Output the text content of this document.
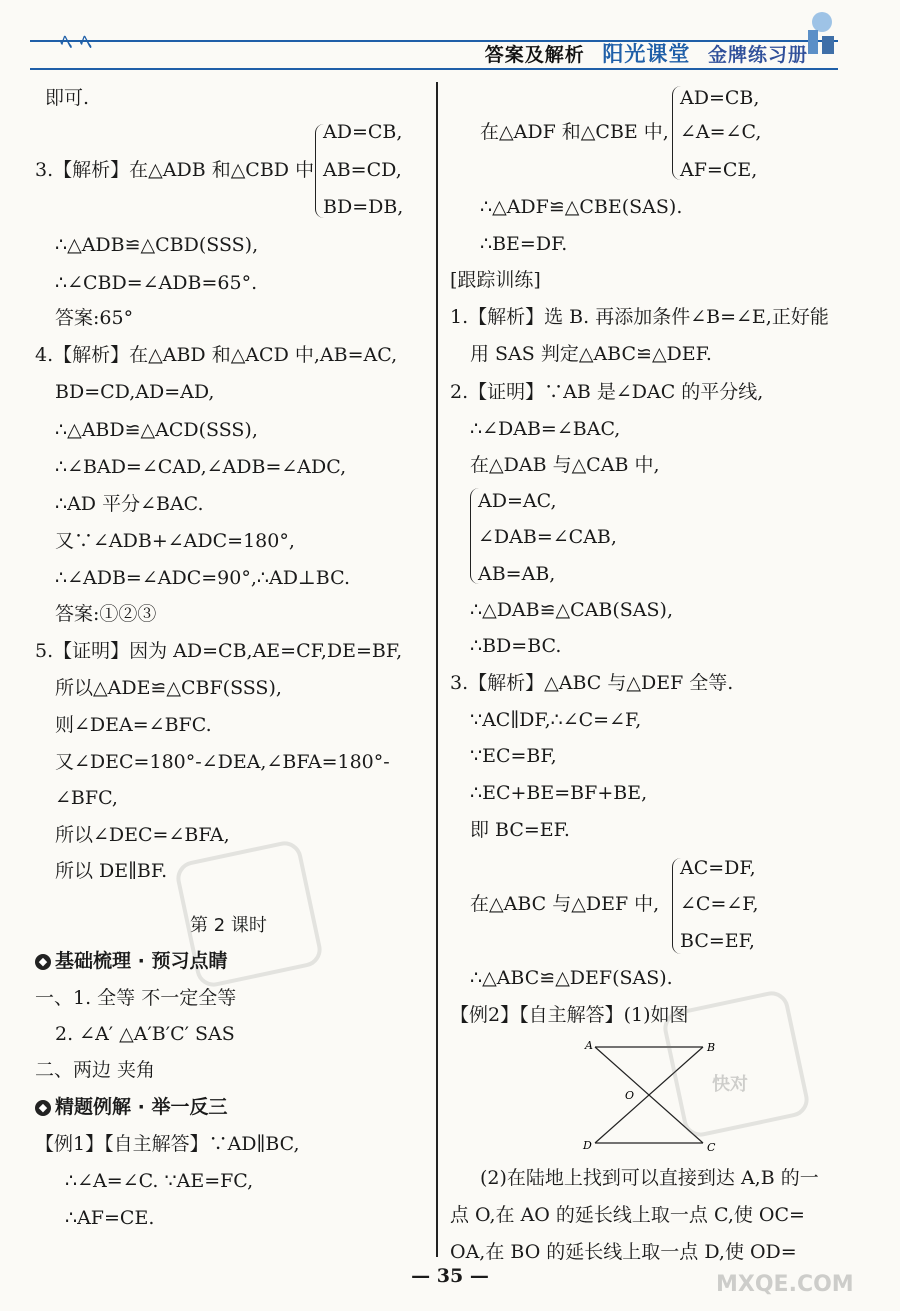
ﾍ ﾍ	答案及解析 阳光课堂 金牌练习册
即可.
3.【解析】在△ADB 和△CBD 中
AD=CB,
AB=CD,
BD=DB,
∴△ADB≌△CBD(SSS),
∴∠CBD=∠ADB=65°.
答案:65°
4.【解析】在△ABD 和△ACD 中,AB=AC,
BD=CD,AD=AD,
∴△ABD≌△ACD(SSS),
∴∠BAD=∠CAD,∠ADB=∠ADC,
∴AD 平分∠BAC.
又∵∠ADB+∠ADC=180°,
∴∠ADB=∠ADC=90°,∴AD⊥BC.
答案:①②③
5.【证明】因为 AD=CB,AE=CF,DE=BF,
所以△ADE≌△CBF(SSS),
则∠DEA=∠BFC.
又∠DEC=180°-∠DEA,∠BFA=180°-
∠BFC,
所以∠DEC=∠BFA,
所以 DE∥BF.
第 2 课时
◆ 基础梳理 · 预习点睛
一、1. 全等 不一定全等
2. ∠A′ △A′B′C′ SAS
二、两边 夹角
◆ 精题例解 · 举一反三
【例1】【自主解答】∵AD∥BC,
∴∠A=∠C. ∵AE=FC,
∴AF=CE.
在△ADF 和△CBE 中,
AD=CB,
∠A=∠C,
AF=CE,
∴△ADF≌△CBE(SAS).
∴BE=DF.
[跟踪训练]
1.【解析】选 B. 再添加条件∠B=∠E,正好能
用 SAS 判定△ABC≌△DEF.
2.【证明】∵AB 是∠DAC 的平分线,
∴∠DAB=∠BAC,
在△DAB 与△CAB 中,
AD=AC,
∠DAB=∠CAB,
AB=AB,
∴△DAB≌△CAB(SAS),
∴BD=BC.
3.【解析】△ABC 与△DEF 全等.
∵AC∥DF,∴∠C=∠F,
∵EC=BF,
∴EC+BE=BF+BE,
即 BC=EF.
在△ABC 与△DEF 中,
AC=DF,
∠C=∠F,
BC=EF,
∴△ABC≌△DEF(SAS).
【例2】【自主解答】(1)如图
A	B
C
D
O
(2)在陆地上找到可以直接到达 A,B 的一
点 O,在 AO 的延长线上取一点 C,使 OC=
OA,在 BO 的延长线上取一点 D,使 OD=
快对
MXQE.COM
— 35 —
